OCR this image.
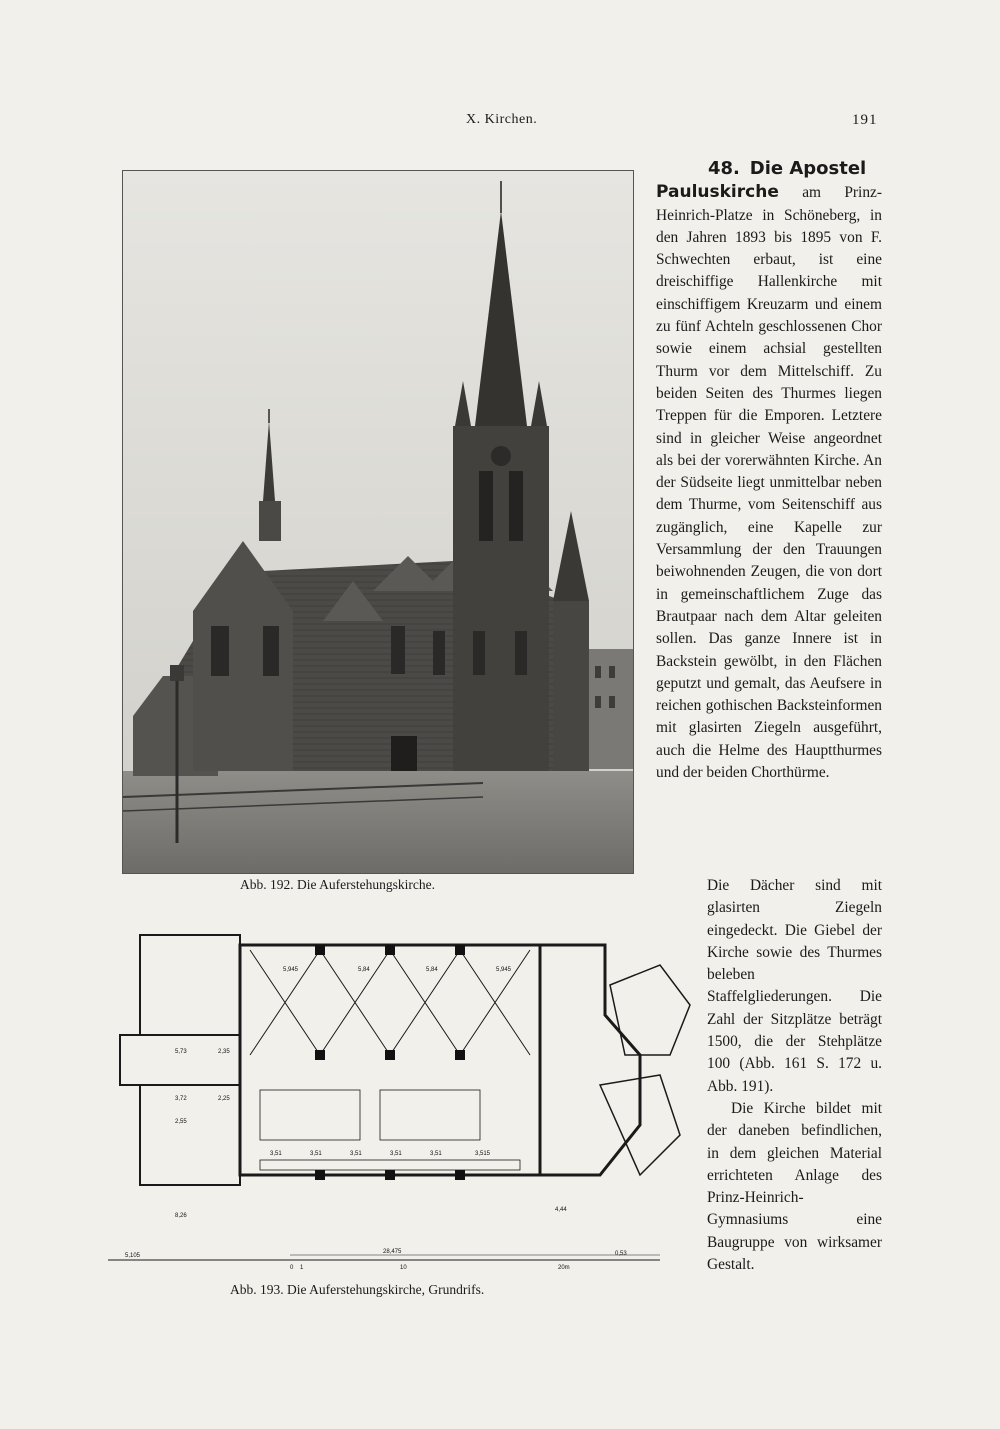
X. Kirchen.	191
Abb. 192. Die Auferstehungskirche.
5,945	5,84	5,84	5,945
5,73	2,35
3,72	2,25
2,55
3,51	3,51	3,51	3,51	3,51	3,515
8,26
5,105
28,475	0,53
4,44
0 1	10	20m
Abb. 193. Die Auferstehungskirche, Grundrifs.

48. Die Apostel
Pauluskirche am Prinz-Heinrich-Platze in Schöneberg, in den Jahren 1893 bis 1895 von F. Schwechten erbaut, ist eine dreischiffige Hallenkirche mit einschiffigem Kreuzarm und einem zu fünf Achteln geschlossenen Chor sowie einem achsial gestellten Thurm vor dem Mittelschiff. Zu beiden Seiten des Thurmes liegen Treppen für die Emporen. Letztere sind in gleicher Weise angeordnet als bei der vorerwähnten Kirche. An der Südseite liegt unmittelbar neben dem Thurme, vom Seitenschiff aus zugänglich, eine Kapelle zur Versammlung der den Trauungen beiwohnenden Zeugen, die von dort in gemeinschaftlichem Zuge das Brautpaar nach dem Altar geleiten sollen. Das ganze Innere ist in Backstein gewölbt, in den Flächen geputzt und gemalt, das Aeufsere in reichen gothischen Backsteinformen mit glasirten Ziegeln ausgeführt, auch die Helme des Hauptthurmes und der beiden Chorthürme.

Die Dächer sind mit glasirten Ziegeln eingedeckt. Die Giebel der Kirche sowie des Thurmes beleben Staffelgliederungen. Die Zahl der Sitzplätze beträgt 1500, die der Stehplätze 100 (Abb. 161 S. 172 u. Abb. 191).

Die Kirche bildet mit der daneben befindlichen, in dem gleichen Material errichteten Anlage des Prinz-Heinrich-Gymnasiums eine Baugruppe von wirksamer Gestalt.
